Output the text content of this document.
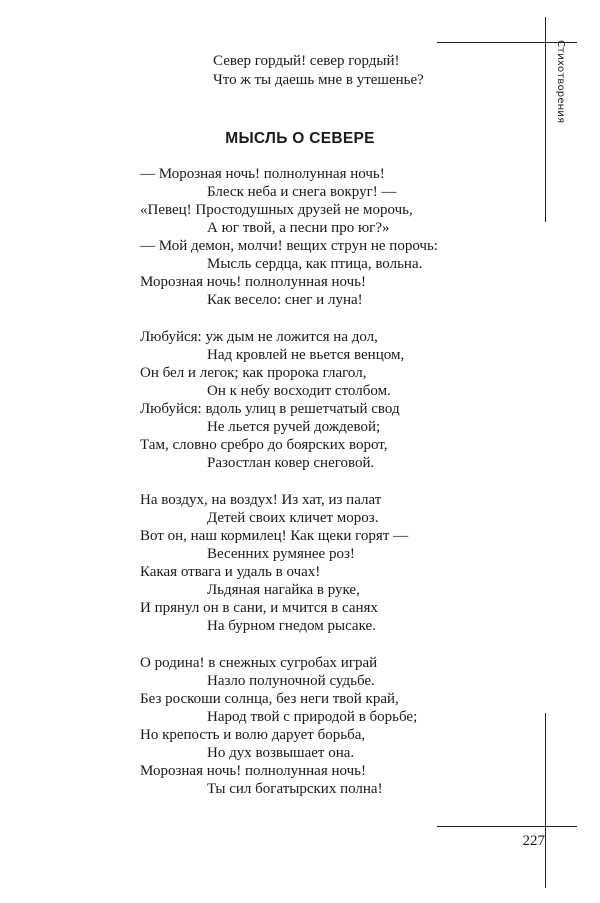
Стихотворения
227
Север гордый! север гордый!
Что ж ты даешь мне в утешенье?
МЫСЛЬ О СЕВЕРЕ
— Морозная ночь! полнолунная ночь!
Блеск неба и снега вокруг! —
«Певец! Простодушных друзей не морочь,
А юг твой, а песни про юг?»
— Мой демон, молчи! вещих струн не порочь:
Мысль сердца, как птица, вольна.
Морозная ночь! полнолунная ночь!
Как весело: снег и луна!
Любуйся: уж дым не ложится на дол,
Над кровлей не вьется венцом,
Он бел и легок; как пророка глагол,
Он к небу восходит столбом.
Любуйся: вдоль улиц в решетчатый свод
Не льется ручей дождевой;
Там, словно сребро до боярских ворот,
Разостлан ковер снеговой.
На воздух, на воздух! Из хат, из палат
Детей своих кличет мороз.
Вот он, наш кормилец! Как щеки горят —
Весенних румянее роз!
Какая отвага и удаль в очах!
Льдяная нагайка в руке,
И прянул он в сани, и мчится в санях
На бурном гнедом рысаке.
О родина! в снежных сугробах играй
Назло полуночной судьбе.
Без роскоши солнца, без неги твой край,
Народ твой с природой в борьбе;
Но крепость и волю дарует борьба,
Но дух возвышает она.
Морозная ночь! полнолунная ночь!
Ты сил богатырских полна!
